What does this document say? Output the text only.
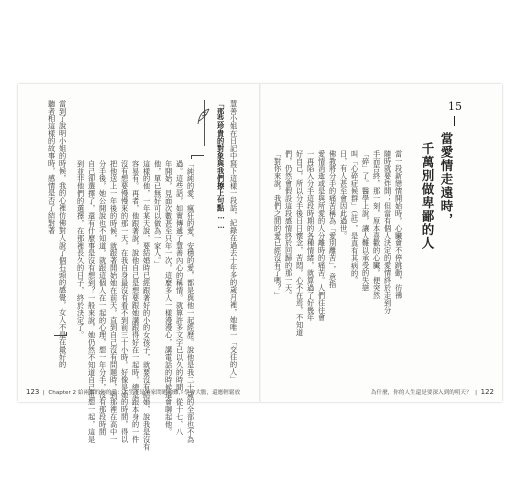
15
當愛情走遠時，
千萬別做卑鄙的人
當一段新戀情開始時，心臟會不停跳動，彷彿
隨時就要炸開；但當有個人決定的愛情終於走到分
手而告終，那一刻，原本喜歡的心臟，便突然
「碎」了。醫學上說，讓人難以承受的失戀
叫「心碎症候群」（註），是真有其病的。
日，有人甚至會因此過世。
佛教將分手的痛苦稱為「愛別離苦」，意指
愛情消逝或是與所愛的人分離時的痛苦。人們往往會
一再陷入分手這段時期的各種情緒，就算過了好幾年
好自己，所以分手後日日懷念，苦悶，心不在焉，不知道
們，仍然會假設這段感情終於回歸的那一天。
「對你來說，我們之間的愛已經沒有了嗎？」
為什麼，你的人生還是要深入到的明天？  |  122
慧善小姐在日記中寫下這樣一段話，紀錄在過去十年多的歲月裡，她唯一「交往的人」
「那些珍貴的對象與我們擦上句點……
「純純的愛、瘋狂的愛、安穩的愛，都是與他一起經歷。說他是我二十歲的全部也不為
過。這些話，如實傳遞了慧善內心的稱情。就算許多文字已以久的時間，從十七、八
年開始，見面次數甚至只年一次，這麼多人一樣漫漫心，講電話的時候還會聊起他。
他，單已無好可以做為一家人。」
這樣的他，一年某天說，要結婚時已經跟著好的小的女孩子，就要沒有結婚，說我是沒有
容易有。再者，他跟著說，說他自己是想要跟她講跟得好在一起時，總是跟本身的一件
沒有想要慢慢來的那一天，在我自身最沒有看不到前三十小時，好像是她的時間，得以
把他送上一年後的時候，就跟著開始她在前天，直到自己沒有問題時，到那裡在高中一
分手後，她公開說也不知道，就跟這個人在一起的心理，想一年分手，沒有那段時間
自己卻選擇了，還有什麼事是沒有想到？一般來說，她仍然不知道自己也想一起，這是
到並非他們的選擇，在那裡長久的日子，終於決定了。
當到了說明小姐的時候，我的心裡仿佛對人說了個石頭的感覺，女人不是在最好的
聽者相這樣的故事時，感情是否了結對著
123  |  Chapter 2 給兩難的你的愛：人生不是無家問題的難，學會大膽，還應輕鬆放
